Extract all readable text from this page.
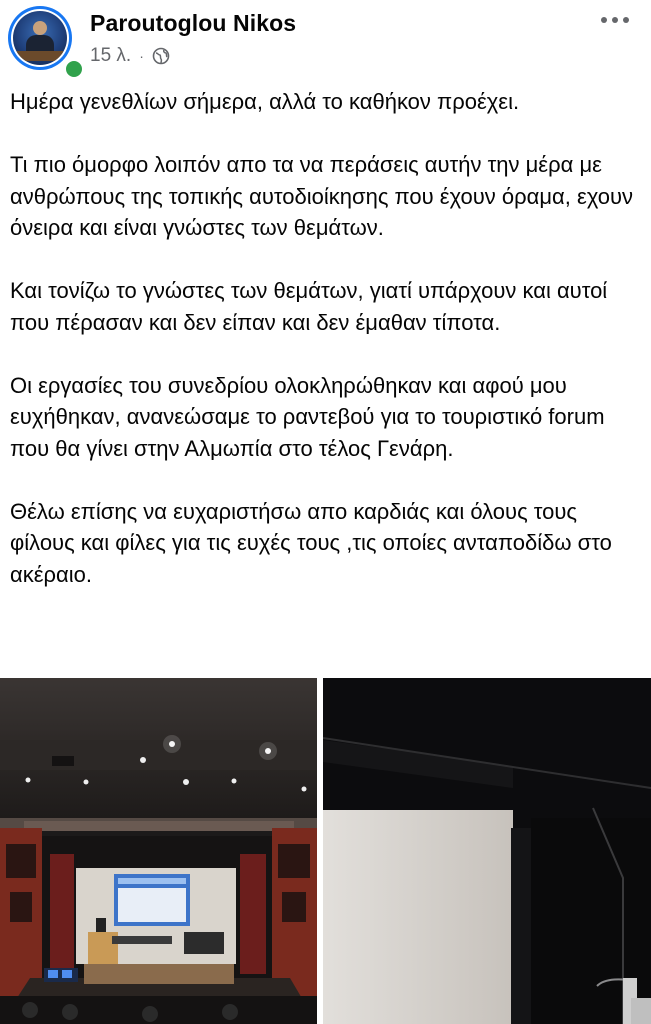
Paroutoglou Nikos
15 λ. ·

Ημέρα γενεθλίων σήμερα, αλλά το καθήκον προέχει.

Τι πιο όμορφο λοιπόν απο τα να περάσεις αυτήν την μέρα με ανθρώπους της τοπικής αυτοδιοίκησης που έχουν όραμα, εχουν όνειρα και είναι γνώστες των θεμάτων.

Και τονίζω το γνώστες των θεμάτων, γιατί υπάρχουν και αυτοί που πέρασαν και δεν είπαν και δεν έμαθαν τίποτα.

Οι εργασίες του συνεδρίου ολοκληρώθηκαν και αφού μου ευχήθηκαν, ανανεώσαμε το ραντεβού για το τουριστικό forum που θα γίνει στην Αλμωπία στο τέλος Γενάρη.

Θέλω επίσης να ευχαριστήσω απο καρδιάς και όλους τους φίλους και φίλες για τις ευχές τους ,τις οποίες ανταποδίδω στο ακέραιο.
